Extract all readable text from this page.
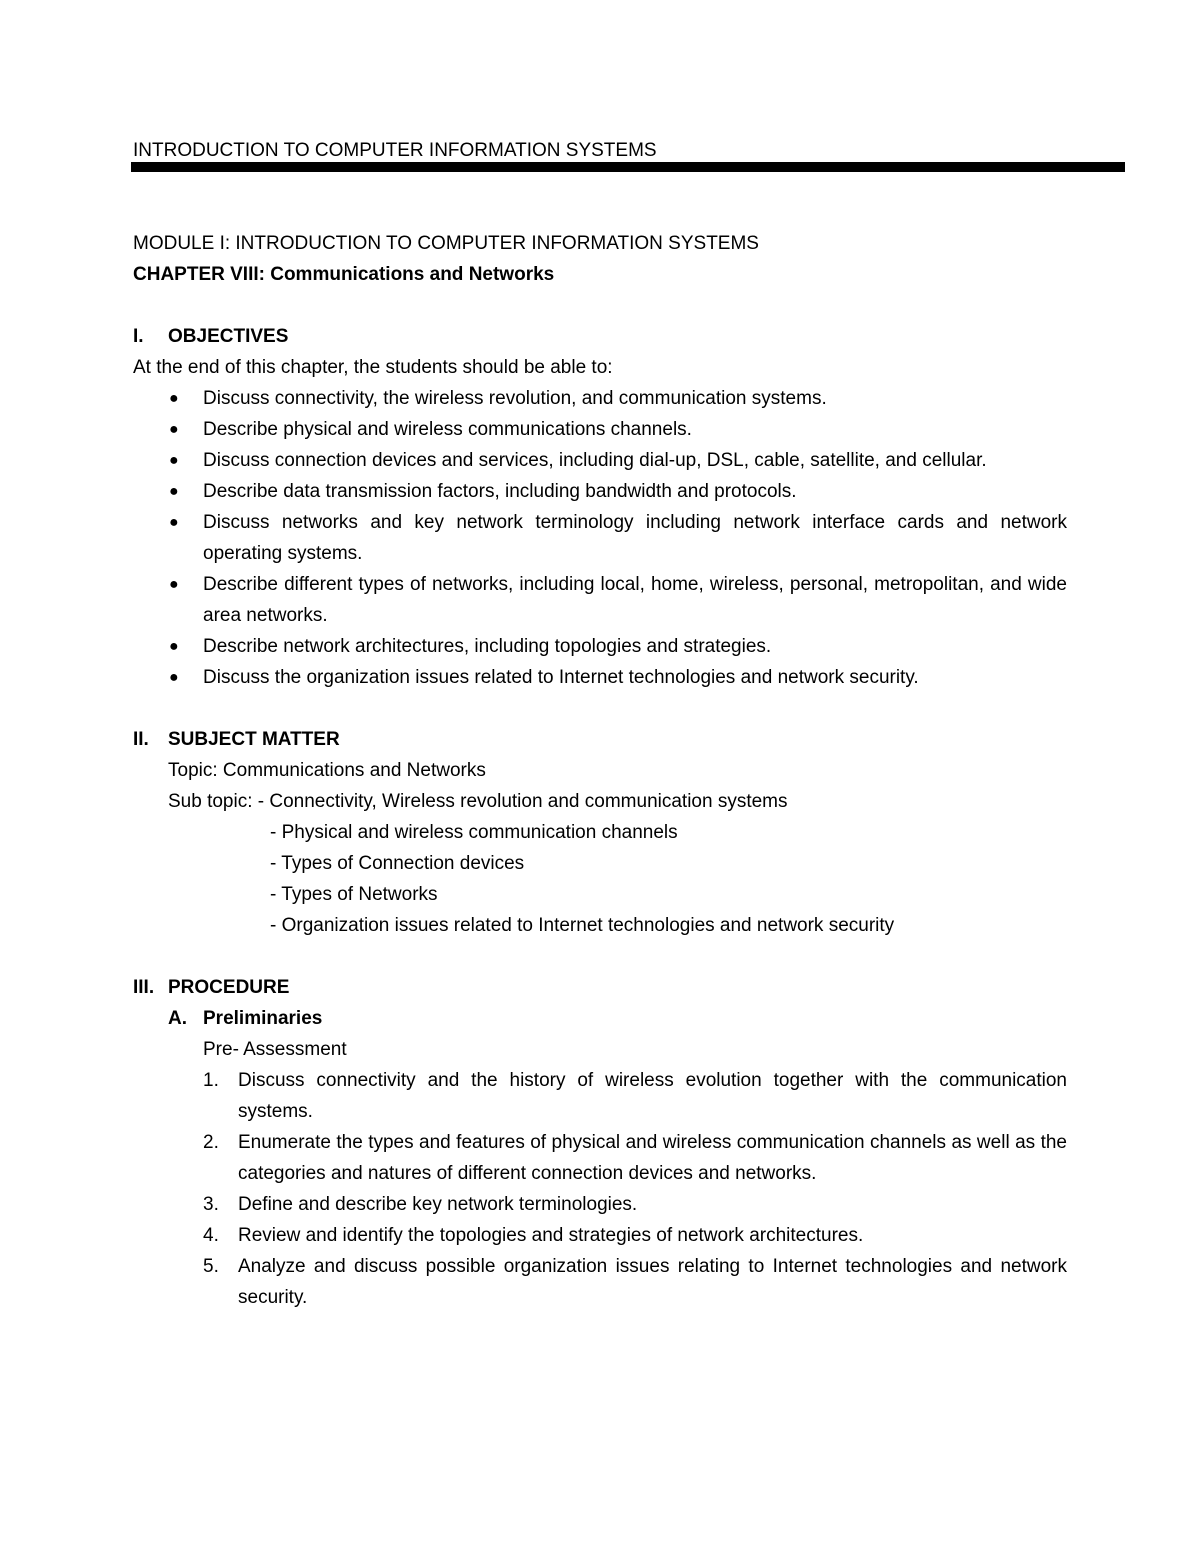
INTRODUCTION TO COMPUTER INFORMATION SYSTEMS

MODULE I: INTRODUCTION TO COMPUTER INFORMATION SYSTEMS

CHAPTER VIII: Communications and Networks

I.	OBJECTIVES

At the end of this chapter, the students should be able to:

●	Discuss connectivity, the wireless revolution, and communication systems.
●	Describe physical and wireless communications channels.
●	Discuss connection devices and services, including dial-up, DSL, cable, satellite, and cellular.
●	Describe data transmission factors, including bandwidth and protocols.
●	Discuss networks and key network terminology including network interface cards and network operating systems.
●	Describe different types of networks, including local, home, wireless, personal, metropolitan, and wide area networks.
●	Describe network architectures, including topologies and strategies.
●	Discuss the organization issues related to Internet technologies and network security.
II.	SUBJECT MATTER

Topic: Communications and Networks

Sub topic: - Connectivity, Wireless revolution and communication systems

- Physical and wireless communication channels

- Types of Connection devices

- Types of Networks

- Organization issues related to Internet technologies and network security

III. PROCEDURE
A. Preliminaries

Pre- Assessment

1.	Discuss connectivity and the history of wireless evolution together with the communication systems.
2.	Enumerate the types and features of physical and wireless communication channels as well as the categories and natures of different connection devices and networks.
3.	Define and describe key network terminologies.
4.	Review and identify the topologies and strategies of network architectures.
5.	Analyze and discuss possible organization issues relating to Internet technologies and network security.
